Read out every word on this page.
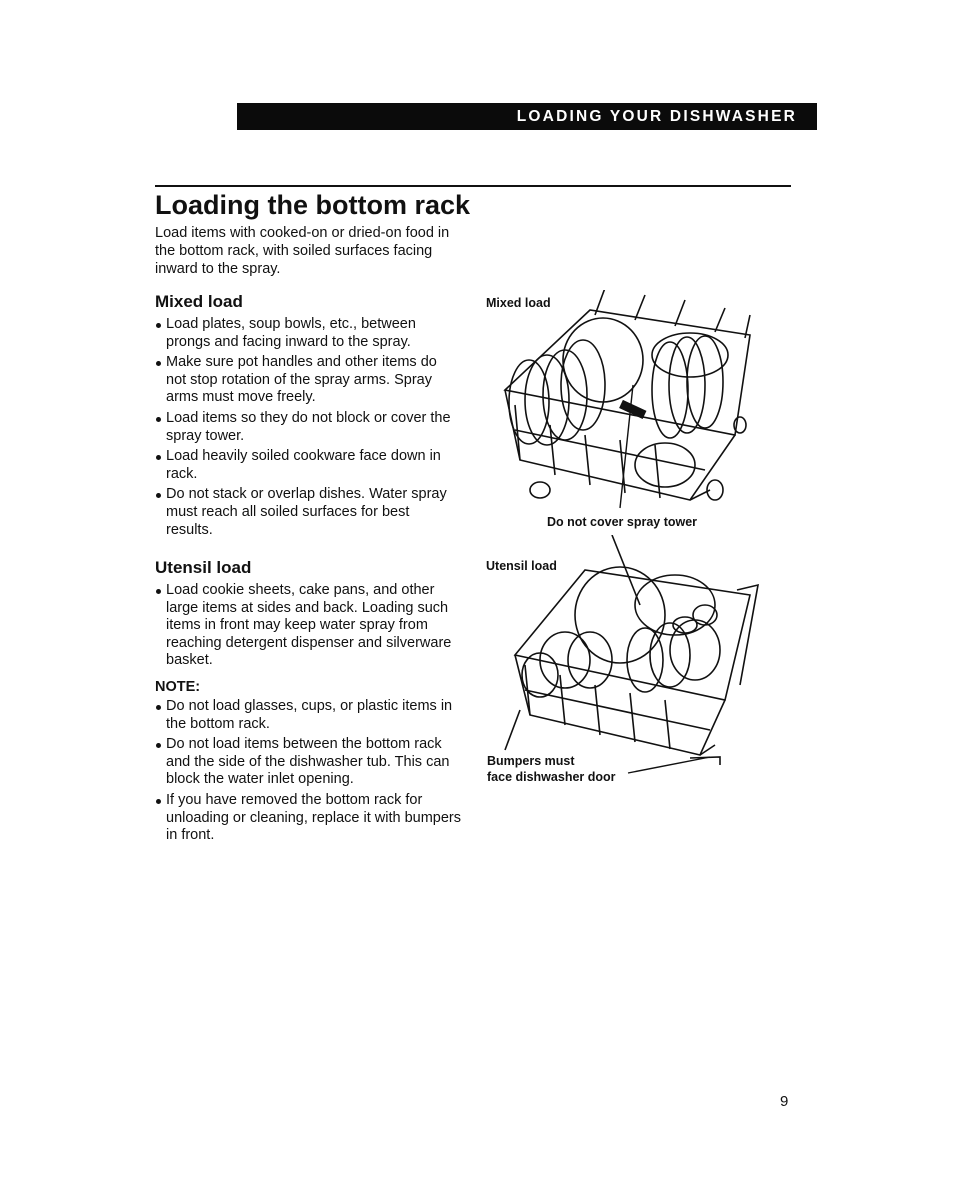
LOADING YOUR DISHWASHER
Loading the bottom rack

Load items with cooked-on or dried-on food in the bottom rack, with soiled surfaces facing inward to the spray.

Mixed load
Load plates, soup bowls, etc., between prongs and facing inward to the spray.
Make sure pot handles and other items do not stop rotation of the spray arms. Spray arms must move freely.
Load items so they do not block or cover the spray tower.
Load heavily soiled cookware face down in rack.
Do not stack or overlap dishes. Water spray must reach all soiled surfaces for best results.
Utensil load
Load cookie sheets, cake pans, and other large items at sides and back. Loading such items in front may keep water spray from reaching detergent dispenser and silverware basket.
NOTE:
Do not load glasses, cups, or plastic items in the bottom rack.
Do not load items between the bottom rack and the side of the dishwasher tub. This can block the water inlet opening.
If you have removed the bottom rack for unloading or cleaning, replace it with bumpers in front.

Mixed load

Do not cover spray tower

Utensil load

Bumpers must

face dishwasher door

9
